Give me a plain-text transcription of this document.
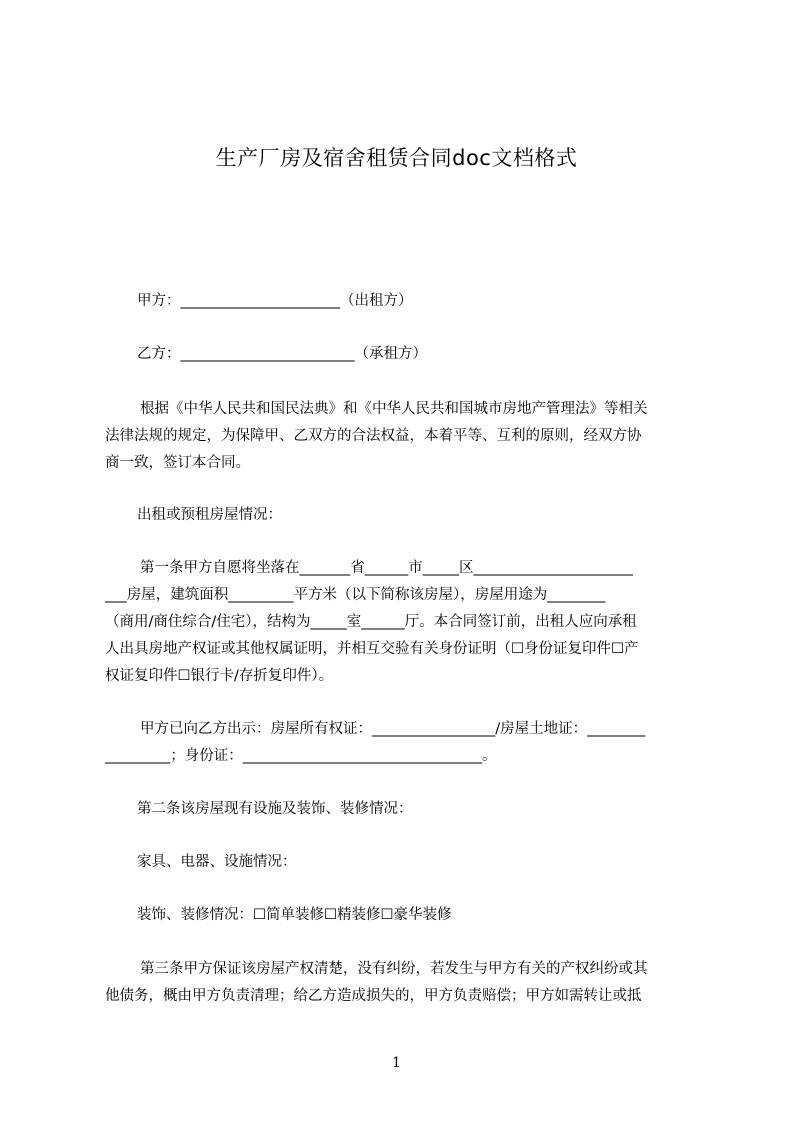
生产厂房及宿舍租赁合同doc文档格式
甲方：______________________（出租方）
乙方：________________________（承租方）
根据《中华人民共和国民法典》和《中华人民共和国城市房地产管理法》等相关
法律法规的规定，为保障甲、乙双方的合法权益，本着平等、互利的原则，经双方协
商一致，签订本合同。
出租或预租房屋情况：
第一条甲方自愿将坐落在_______省______市_____区______________________
___房屋，建筑面积_________平方米（以下简称该房屋），房屋用途为________
（商用/商住综合/住宅），结构为_____室______厅。本合同签订前，出租人应向承租
人出具房地产权证或其他权属证明，并相互交验有关身份证明（☐身份证复印件☐产
权证复印件☐银行卡/存折复印件）。
甲方已向乙方出示：房屋所有权证：_________________/房屋土地证：________
_________；身份证：_________________________________。
第二条该房屋现有设施及装饰、装修情况：
家具、电器、设施情况：
装饰、装修情况：☐简单装修☐精装修☐豪华装修
第三条甲方保证该房屋产权清楚，没有纠纷，若发生与甲方有关的产权纠纷或其
他债务，概由甲方负责清理；给乙方造成损失的，甲方负责赔偿；甲方如需转让或抵
1
